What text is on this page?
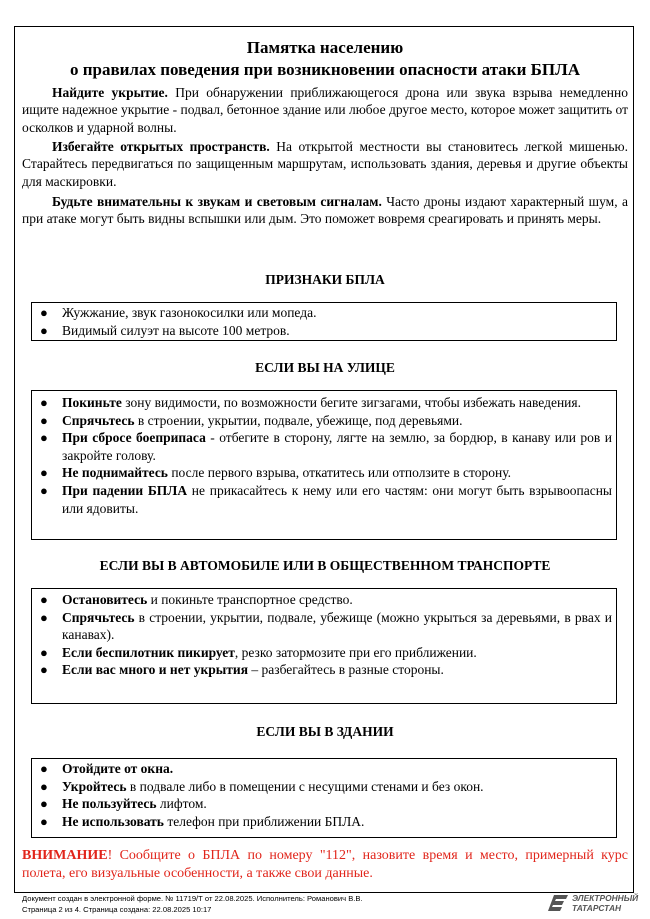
Памятка населению
о правилах поведения при возникновении опасности атаки БПЛА

Найдите укрытие. При обнаружении приближающегося дрона или звука взрыва немедленно ищите надежное укрытие - подвал, бетонное здание или любое другое место, которое может защитить от осколков и ударной волны.

Избегайте открытых пространств. На открытой местности вы становитесь легкой мишенью. Старайтесь передвигаться по защищенным маршрутам, использовать здания, деревья и другие объекты для маскировки.

Будьте внимательны к звукам и световым сигналам. Часто дроны издают характерный шум, а при атаке могут быть видны вспышки или дым. Это поможет вовремя среагировать и принять меры.

ПРИЗНАКИ БПЛА
● Жужжание, звук газонокосилки или мопеда.
● Видимый силуэт на высоте 100 метров.
ЕСЛИ ВЫ НА УЛИЦЕ
● Покиньте зону видимости, по возможности бегите зигзагами, чтобы избежать наведения.
● Спрячьтесь в строении, укрытии, подвале, убежище, под деревьями.
● При сбросе боеприпаса - отбегите в сторону, лягте на землю, за бордюр, в канаву или ров и закройте голову.
● Не поднимайтесь после первого взрыва, откатитесь или отползите в сторону.
● При падении БПЛА не прикасайтесь к нему или его частям: они могут быть взрывоопасны или ядовиты.
ЕСЛИ ВЫ В АВТОМОБИЛЕ ИЛИ В ОБЩЕСТВЕННОМ ТРАНСПОРТЕ
● Остановитесь и покиньте транспортное средство.
● Спрячьтесь в строении, укрытии, подвале, убежище (можно укрыться за деревьями, в рвах и канавах).
● Если беспилотник пикирует, резко затормозите при его приближении.
● Если вас много и нет укрытия – разбегайтесь в разные стороны.
ЕСЛИ ВЫ В ЗДАНИИ
● Отойдите от окна.
● Укройтесь в подвале либо в помещении с несущими стенами и без окон.
● Не пользуйтесь лифтом.
● Не использовать телефон при приближении БПЛА.

ВНИМАНИЕ! Сообщите о БПЛА по номеру "112", назовите время и место, примерный курс полета, его визуальные особенности, а также свои данные.

Документ создан в электронной форме. № 11719/Т от 22.08.2025. Исполнитель: Романович В.В.
Страница 2 из 4. Страница создана: 22.08.2025 10:17
ЭЛЕКТРОННЫЙ
ТАТАРСТАН
